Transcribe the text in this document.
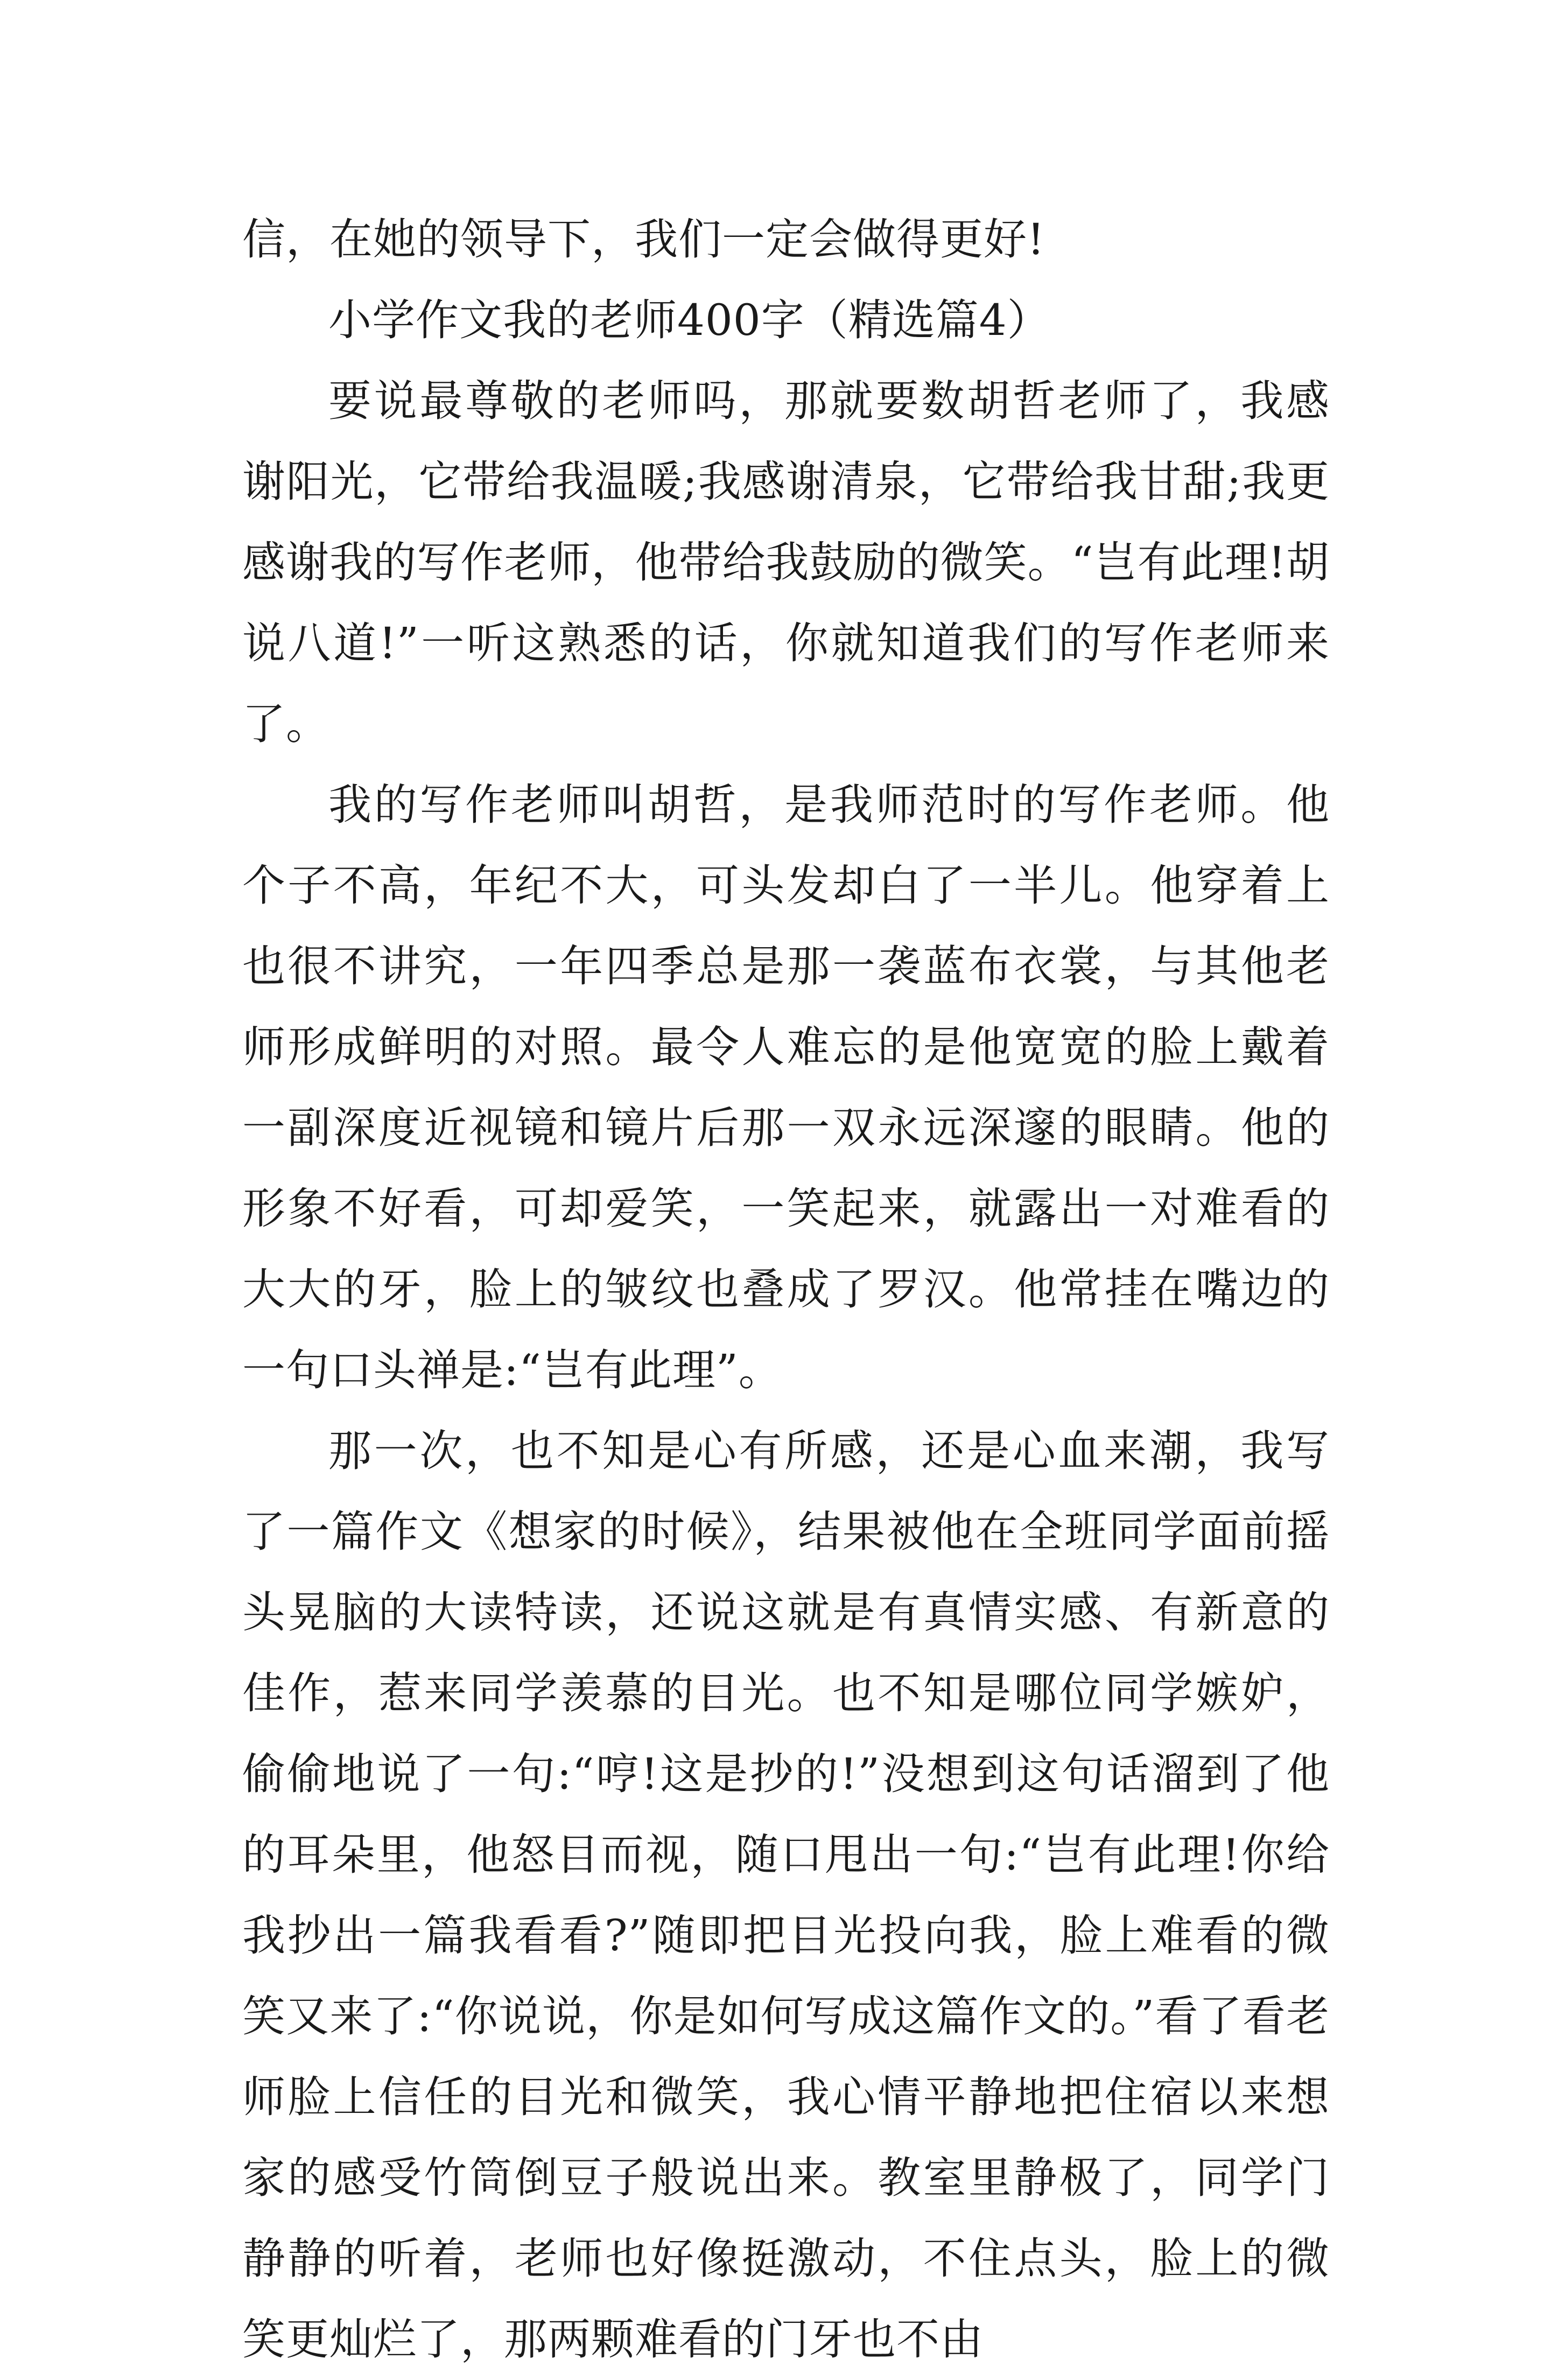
信，在她的领导下，我们一定会做得更好!

小学作文我的老师400字（精选篇4）

要说最尊敬的老师吗，那就要数胡哲老师了，我感谢阳光，它带给我温暖;我感谢清泉，它带给我甘甜;我更感谢我的写作老师，他带给我鼓励的微笑。“岂有此理!胡说八道!”一听这熟悉的话，你就知道我们的写作老师来了。

我的写作老师叫胡哲，是我师范时的写作老师。他个子不高，年纪不大，可头发却白了一半儿。他穿着上也很不讲究，一年四季总是那一袭蓝布衣裳，与其他老师形成鲜明的对照。最令人难忘的是他宽宽的脸上戴着一副深度近视镜和镜片后那一双永远深邃的眼睛。他的形象不好看，可却爱笑，一笑起来，就露出一对难看的大大的牙，脸上的皱纹也叠成了罗汉。他常挂在嘴边的一句口头禅是:“岂有此理”。

那一次，也不知是心有所感，还是心血来潮，我写了一篇作文《想家的时候》，结果被他在全班同学面前摇头晃脑的大读特读，还说这就是有真情实感、有新意的佳作，惹来同学羡慕的目光。也不知是哪位同学嫉妒，偷偷地说了一句:“哼!这是抄的!”没想到这句话溜到了他的耳朵里，他怒目而视，随口甩出一句:“岂有此理!你给我抄出一篇我看看?”随即把目光投向我，脸上难看的微笑又来了:“你说说，你是如何写成这篇作文的。”看了看老师脸上信任的目光和微笑，我心情平静地把住宿以来想家的感受竹筒倒豆子般说出来。教室里静极了，同学门静静的听着，老师也好像挺激动，不住点头，脸上的微笑更灿烂了，那两颗难看的门牙也不由
